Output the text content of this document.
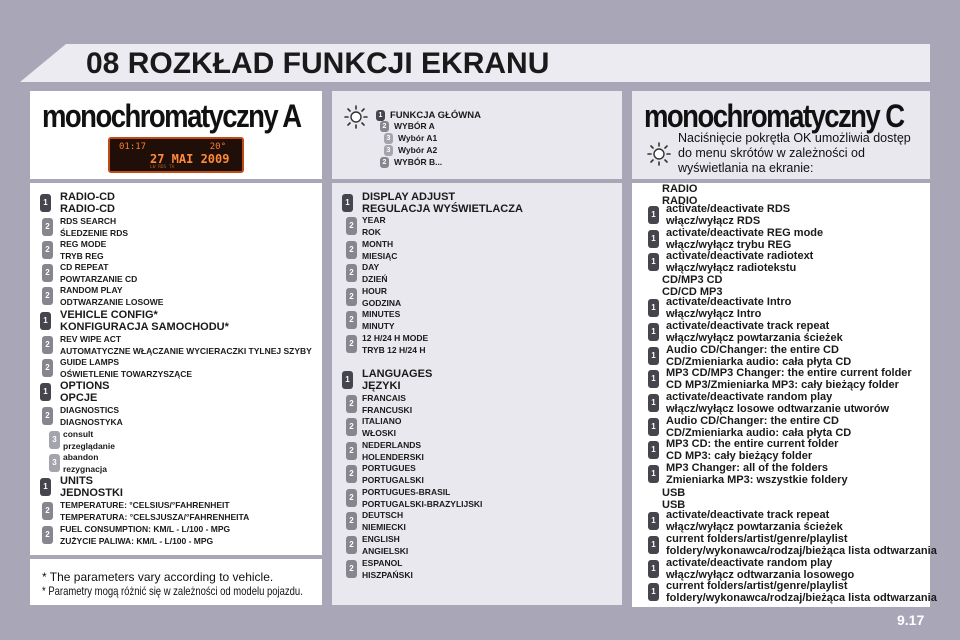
08 ROZKŁAD FUNKCJI EKRANU
monochromatyczny A
01:17	20°
27 MAI 2009
LW RDS TA
1 FUNKCJA GŁÓWNA
2 WYBÓR A
3 Wybór A1
3 Wybór A2
2 WYBÓR B...
monochromatyczny C
Naciśnięcie pokrętła OK umożliwia dostęp do menu skrótów w zależności od wyświetlania na ekranie:
1 RADIO-CD
RADIO-CD
2
RDS SEARCH
ŚLEDZENIE RDS
2
REG MODE
TRYB REG
2
CD REPEAT
POWTARZANIE CD
2
RANDOM PLAY
ODTWARZANIE LOSOWE
1 VEHICLE CONFIG*
KONFIGURACJA SAMOCHODU*
2
REV WIPE ACT
AUTOMATYCZNE WŁĄCZANIE WYCIERACZKI TYLNEJ SZYBY
2
GUIDE LAMPS
OŚWIETLENIE TOWARZYSZĄCE
1 OPTIONS
OPCJE
2
DIAGNOSTICS
DIAGNOSTYKA
3
consult
przeglądanie
3
abandon
rezygnacja
1 UNITS
JEDNOSTKI
2
TEMPERATURE: °CELSIUS/°FAHRENHEIT
TEMPERATURA: °CELSJUSZA/°FAHRENHEITA
2
FUEL CONSUMPTION: KM/L - L/100 - MPG
ZUŻYCIE PALIWA: KM/L - L/100 - MPG
* The parameters vary according to vehicle.
* Parametry mogą różnić się w zależności od modelu pojazdu.
1 DISPLAY ADJUST
REGULACJA WYŚWIETLACZA
2
YEAR
ROK
2
MONTH
MIESIĄC
2
DAY
DZIEŃ
2
HOUR
GODZINA
2
MINUTES
MINUTY
2
12 H/24 H MODE
TRYB 12 H/24 H
1 LANGUAGES
JĘZYKI
2
FRANCAIS
FRANCUSKI
2
ITALIANO
WŁOSKI
2
NEDERLANDS
HOLENDERSKI
2
PORTUGUES
PORTUGALSKI
2
PORTUGUES-BRASIL
PORTUGALSKI-BRAZYLIJSKI
2
DEUTSCH
NIEMIECKI
2
ENGLISH
ANGIELSKI
2
ESPANOL
HISZPAŃSKI
RADIO
RADIO
1 activate/deactivate RDS
włącz/wyłącz RDS
1 activate/deactivate REG mode
włącz/wyłącz trybu REG
1 activate/deactivate radiotext
włącz/wyłącz radiotekstu
CD/MP3 CD
CD/CD MP3
1 activate/deactivate Intro
włącz/wyłącz Intro
1 activate/deactivate track repeat
włącz/wyłącz powtarzania ścieżek
1 Audio CD/Changer: the entire CD
CD/Zmieniarka audio: cała płyta CD
1 MP3 CD/MP3 Changer: the entire current folder
CD MP3/Zmieniarka MP3: cały bieżący folder
1 activate/deactivate random play
włącz/wyłącz losowe odtwarzanie utworów
1 Audio CD/Changer: the entire CD
CD/Zmieniarka audio: cała płyta CD
1 MP3 CD: the entire current folder
CD MP3: cały bieżący folder
1 MP3 Changer: all of the folders
Zmieniarka MP3: wszystkie foldery
USB
USB
1 activate/deactivate track repeat
włącz/wyłącz powtarzania ścieżek
1 current folders/artist/genre/playlist
foldery/wykonawca/rodzaj/bieżąca lista odtwarzania
1 activate/deactivate random play
włącz/wyłącz odtwarzania losowego
1 current folders/artist/genre/playlist
foldery/wykonawca/rodzaj/bieżąca lista odtwarzania
9.17
